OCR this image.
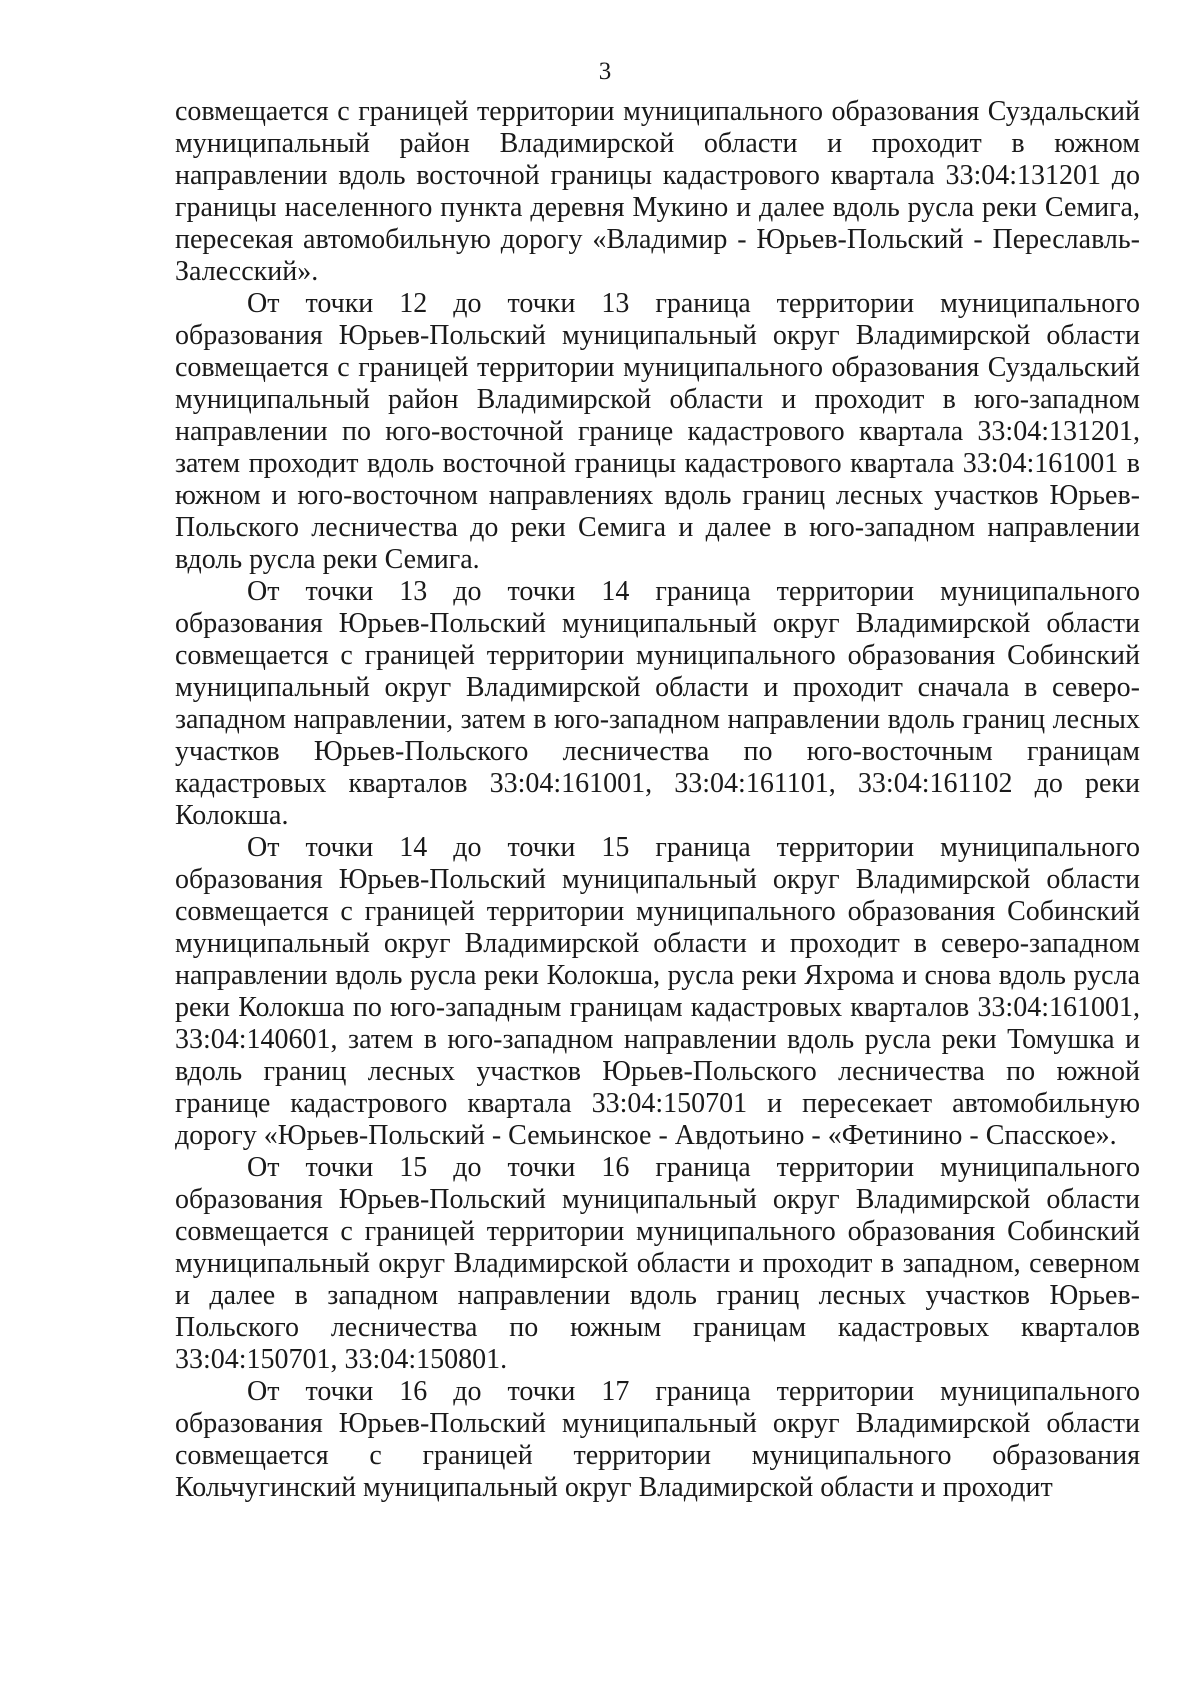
3

совмещается с границей территории муниципального образования Суздальский муниципальный район Владимирской области и проходит в южном направлении вдоль восточной границы кадастрового квартала 33:04:131201 до границы населенного пункта деревня Мукино и далее вдоль русла реки Семига, пересекая автомобильную дорогу «Владимир - Юрьев-Польский - Переславль-Залесский».

От точки 12 до точки 13 граница территории муниципального образования Юрьев-Польский муниципальный округ Владимирской области совмещается с границей территории муниципального образования Суздальский муниципальный район Владимирской области и проходит в юго-западном направлении по юго-восточной границе кадастрового квартала 33:04:131201, затем проходит вдоль восточной границы кадастрового квартала 33:04:161001 в южном и юго-восточном направлениях вдоль границ лесных участков Юрьев-Польского лесничества до реки Семига и далее в юго-западном направлении вдоль русла реки Семига.

От точки 13 до точки 14 граница территории муниципального образования Юрьев-Польский муниципальный округ Владимирской области совмещается с границей территории муниципального образования Собинский муниципальный округ Владимирской области и проходит сначала в северо-западном направлении, затем в юго-западном направлении вдоль границ лесных участков Юрьев-Польского лесничества по юго-восточным границам кадастровых кварталов 33:04:161001, 33:04:161101, 33:04:161102 до реки Колокша.

От точки 14 до точки 15 граница территории муниципального образования Юрьев-Польский муниципальный округ Владимирской области совмещается с границей территории муниципального образования Собинский муниципальный округ Владимирской области и проходит в северо-западном направлении вдоль русла реки Колокша, русла реки Яхрома и снова вдоль русла реки Колокша по юго-западным границам кадастровых кварталов 33:04:161001, 33:04:140601, затем в юго-западном направлении вдоль русла реки Томушка и вдоль границ лесных участков Юрьев-Польского лесничества по южной границе кадастрового квартала 33:04:150701 и пересекает автомобильную дорогу «Юрьев-Польский - Семьинское - Авдотьино - «Фетинино - Спасское».

От точки 15 до точки 16 граница территории муниципального образования Юрьев-Польский муниципальный округ Владимирской области совмещается с границей территории муниципального образования Собинский муниципальный округ Владимирской области и проходит в западном, северном и далее в западном направлении вдоль границ лесных участков Юрьев-Польского лесничества по южным границам кадастровых кварталов 33:04:150701, 33:04:150801.

От точки 16 до точки 17 граница территории муниципального образования Юрьев-Польский муниципальный округ Владимирской области совмещается с границей территории муниципального образования Кольчугинский муниципальный округ Владимирской области и проходит
